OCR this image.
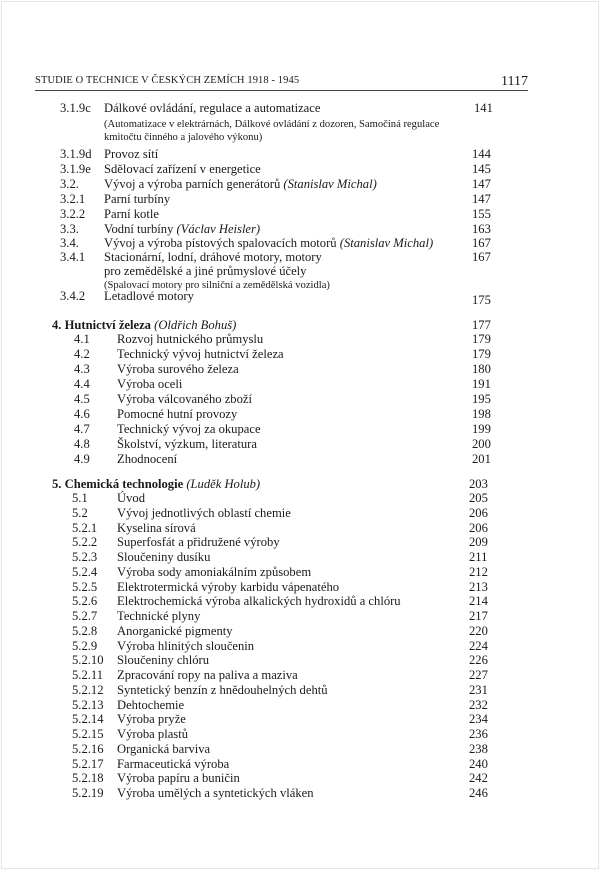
STUDIE O TECHNICE V ČESKÝCH ZEMÍCH 1918 - 1945	1117
3.1.9c Dálkové ovládání, regulace a automatizace	141
(Automatizace v elektrárnách, Dálkové ovládání z dozoren, Samočiná regulace
kmitočtu činného a jalového výkonu)
3.1.9d Provoz sítí	144
3.1.9e Sdělovací zařízení v energetice	145
3.2. Vývoj a výroba parních generátorů (Stanislav Michal)	147
3.2.1 Parní turbíny	147
3.2.2 Parní kotle	155
3.3. Vodní turbíny (Václav Heisler)	163
3.4. Vývoj a výroba pístových spalovacích motorů (Stanislav Michal)	167
3.4.1 Stacionární, lodní, dráhové motory, motory	167
pro zemědělské a jiné průmyslové účely
(Spalovací motory pro silniční a zemědělská vozidla)
3.4.2 Letadlové motory	175
4. Hutnictví železa (Oldřich Bohuš)	177
4.1 Rozvoj hutnického průmyslu	179
4.2 Technický vývoj hutnictví železa	179
4.3 Výroba surového železa	180
4.4 Výroba oceli	191
4.5 Výroba válcovaného zboží	195
4.6 Pomocné hutní provozy	198
4.7 Technický vývoj za okupace	199
4.8 Školství, výzkum, literatura	200
4.9 Zhodnocení	201
5. Chemická technologie (Luděk Holub)	203
5.1 Úvod	205
5.2 Vývoj jednotlivých oblastí chemie	206
5.2.1 Kyselina sírová	206
5.2.2 Superfosfát a přidružené výroby	209
5.2.3 Sloučeniny dusíku	211
5.2.4 Výroba sody amoniakálním způsobem	212
5.2.5 Elektrotermická výroby karbidu vápenatého	213
5.2.6 Elektrochemická výroba alkalických hydroxidů a chlóru	214
5.2.7 Technické plyny	217
5.2.8 Anorganické pigmenty	220
5.2.9 Výroba hlinitých sloučenin	224
5.2.10 Sloučeniny chlóru	226
5.2.11 Zpracování ropy na paliva a maziva	227
5.2.12 Syntetický benzín z hnědouhelných dehtů	231
5.2.13 Dehtochemie	232
5.2.14 Výroba pryže	234
5.2.15 Výroba plastů	236
5.2.16 Organická barviva	238
5.2.17 Farmaceutická výroba	240
5.2.18 Výroba papíru a buničin	242
5.2.19 Výroba umělých a syntetických vláken	246
